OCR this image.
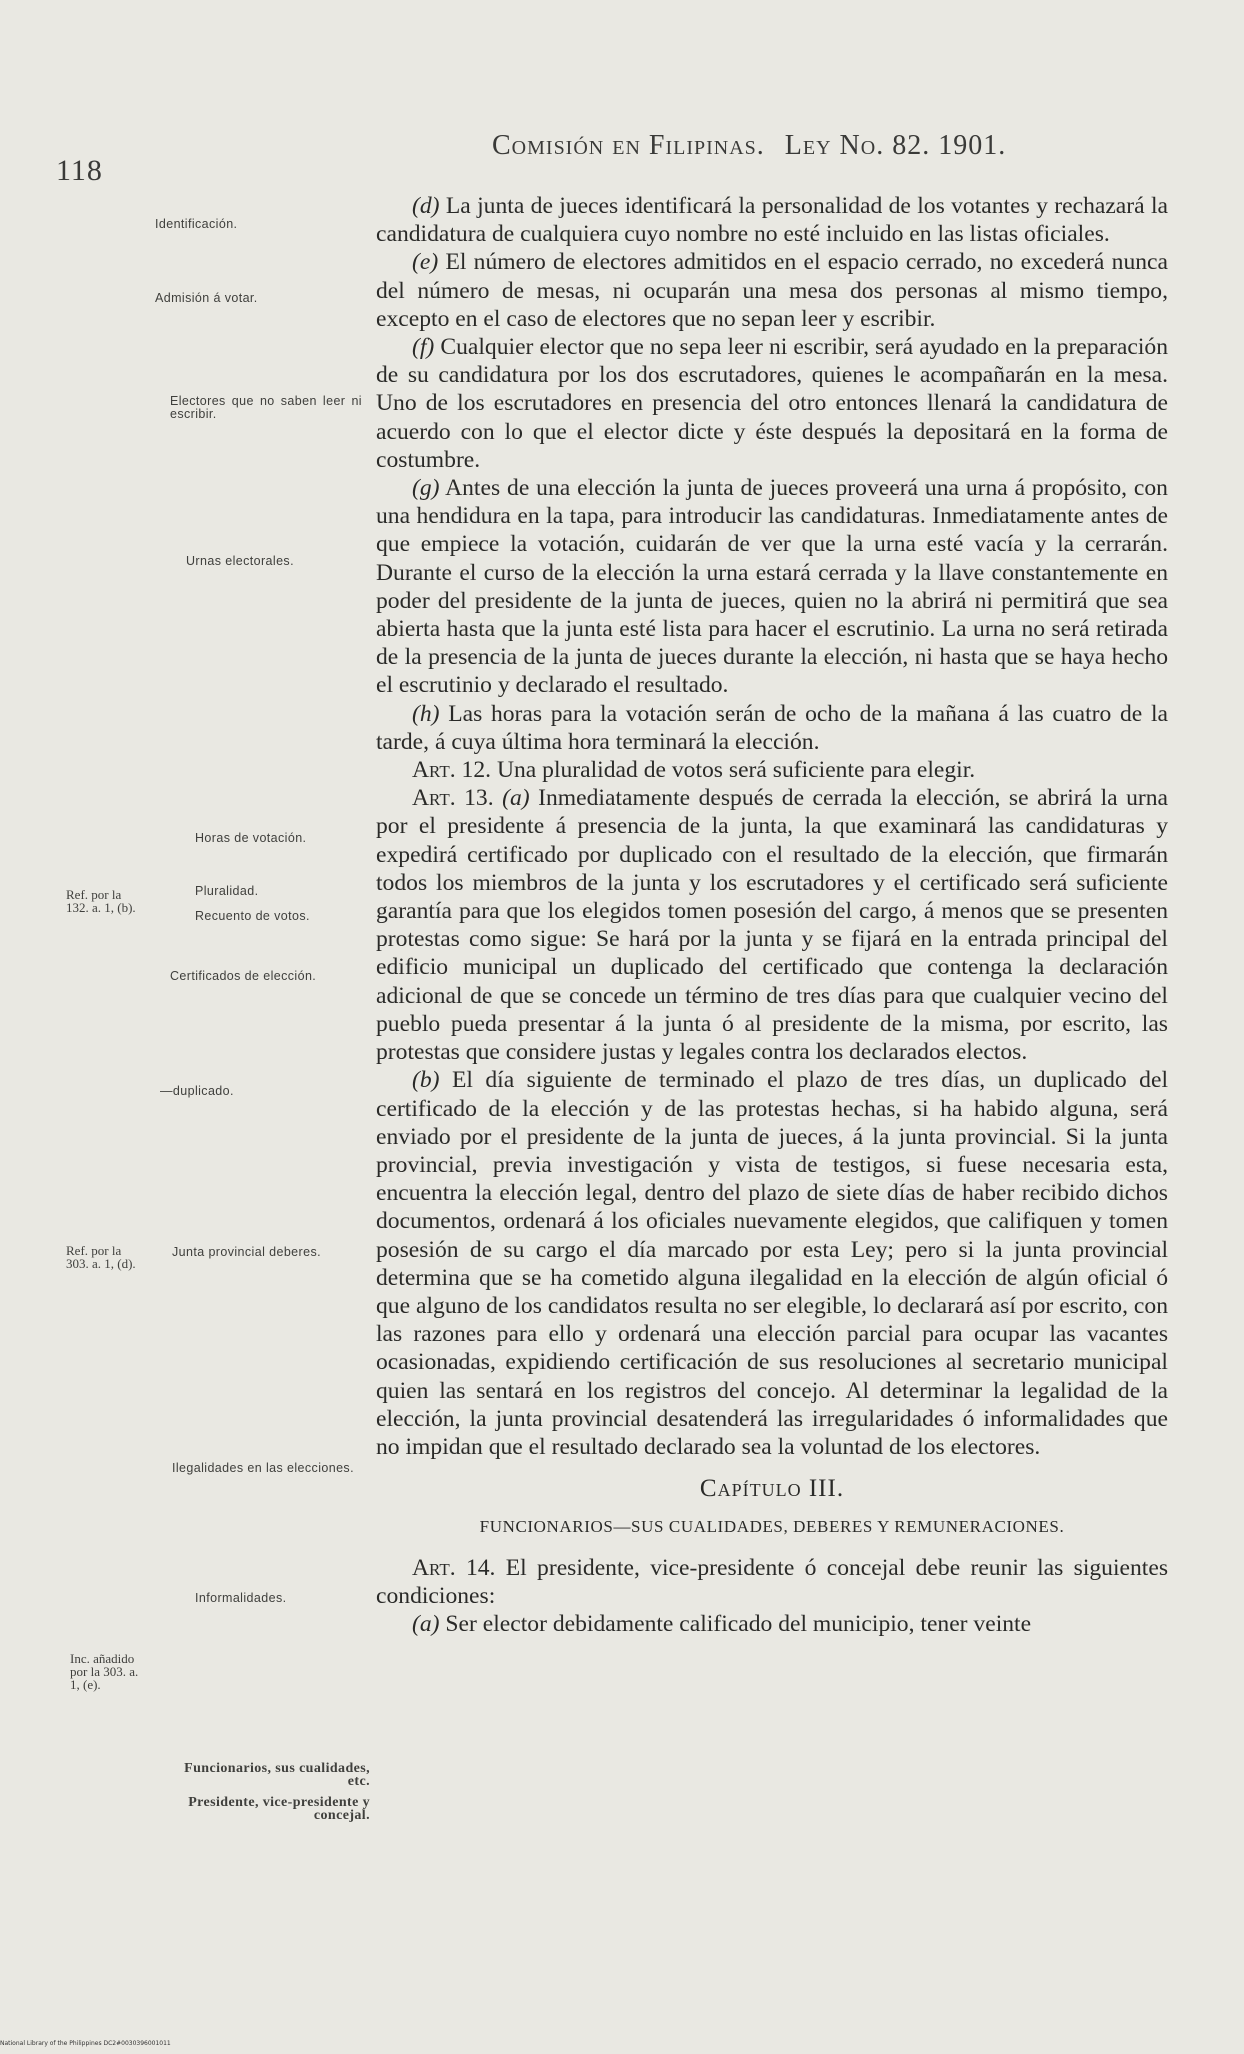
118
Comisión en Filipinas. Ley No. 82. 1901.
Identificación.
Admisión á votar.
Electores que no saben leer ni escribir.
Urnas electorales.
Horas de votación.
Pluralidad.
Recuento de votos.
Certificados de elección.
—duplicado.
Junta provincial deberes.
Ilegalidades en las elecciones.
Informalidades.
Funcionarios, sus cualidades, etc.
Presidente, vice-presidente y concejal.
Ref. por la 132. a. 1, (b).
Ref. por la 303. a. 1, (d).
Inc. añadido por la 303. a. 1, (e).

(d) La junta de jueces identificará la personalidad de los votantes y rechazará la candidatura de cualquiera cuyo nombre no esté incluido en las listas oficiales.

(e) El número de electores admitidos en el espacio cerrado, no excederá nunca del número de mesas, ni ocuparán una mesa dos personas al mismo tiempo, excepto en el caso de electores que no sepan leer y escribir.

(f) Cualquier elector que no sepa leer ni escribir, será ayudado en la preparación de su candidatura por los dos escrutadores, quienes le acompañarán en la mesa. Uno de los escrutadores en presencia del otro entonces llenará la candidatura de acuerdo con lo que el elector dicte y éste después la depositará en la forma de costumbre.

(g) Antes de una elección la junta de jueces proveerá una urna á propósito, con una hendidura en la tapa, para introducir las candidaturas. Inmediatamente antes de que empiece la votación, cuidarán de ver que la urna esté vacía y la cerrarán. Durante el curso de la elección la urna estará cerrada y la llave constantemente en poder del presidente de la junta de jueces, quien no la abrirá ni permitirá que sea abierta hasta que la junta esté lista para hacer el escrutinio. La urna no será retirada de la presencia de la junta de jueces durante la elección, ni hasta que se haya hecho el escrutinio y declarado el resultado.

(h) Las horas para la votación serán de ocho de la mañana á las cuatro de la tarde, á cuya última hora terminará la elección.

Art. 12. Una pluralidad de votos será suficiente para elegir.

Art. 13. (a) Inmediatamente después de cerrada la elección, se abrirá la urna por el presidente á presencia de la junta, la que examinará las candidaturas y expedirá certificado por duplicado con el resultado de la elección, que firmarán todos los miembros de la junta y los escrutadores y el certificado será suficiente garantía para que los elegidos tomen posesión del cargo, á menos que se presenten protestas como sigue: Se hará por la junta y se fijará en la entrada principal del edificio municipal un duplicado del certificado que contenga la declaración adicional de que se concede un término de tres días para que cualquier vecino del pueblo pueda presentar á la junta ó al presidente de la misma, por escrito, las protestas que considere justas y legales contra los declarados electos.

(b) El día siguiente de terminado el plazo de tres días, un duplicado del certificado de la elección y de las protestas hechas, si ha habido alguna, será enviado por el presidente de la junta de jueces, á la junta provincial. Si la junta provincial, previa investigación y vista de testigos, si fuese necesaria esta, encuentra la elección legal, dentro del plazo de siete días de haber recibido dichos documentos, ordenará á los oficiales nuevamente elegidos, que califiquen y tomen posesión de su cargo el día marcado por esta Ley; pero si la junta provincial determina que se ha cometido alguna ilegalidad en la elección de algún oficial ó que alguno de los candidatos resulta no ser elegible, lo declarará así por escrito, con las razones para ello y ordenará una elección parcial para ocupar las vacantes ocasionadas, expidiendo certificación de sus resoluciones al secretario municipal quien las sentará en los registros del concejo. Al determinar la legalidad de la elección, la junta provincial desatenderá las irregularidades ó informalidades que no impidan que el resultado declarado sea la voluntad de los electores.

Capítulo III.

FUNCIONARIOS—SUS CUALIDADES, DEBERES Y REMUNERACIONES.

Art. 14. El presidente, vice-presidente ó concejal debe reunir las siguientes condiciones:

(a) Ser elector debidamente calificado del municipio, tener veinte

National Library of the Philippines DC2#0030396001011
